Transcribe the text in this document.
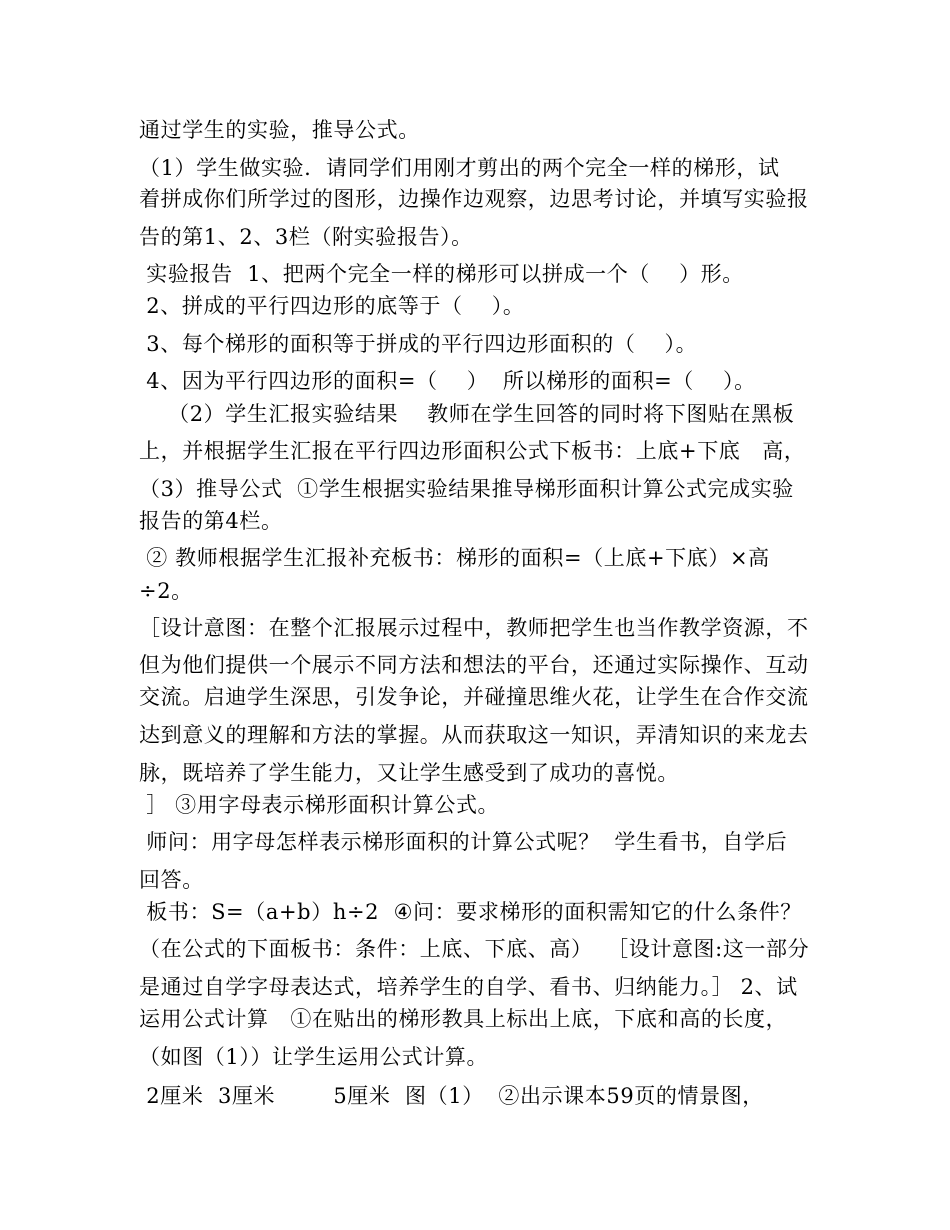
通过学生的实验，推导公式。
（1）学生做实验.  请同学们用刚才剪出的两个完全一样的梯形，试
着拼成你们所学过的图形，边操作边观察，边思考讨论，并填写实验报
告的第1、2、3栏（附实验报告）。
实验报告  1、把两个完全一样的梯形可以拼成一个（    ）形。
2、拼成的平行四边形的底等于（    ）。
3、每个梯形的面积等于拼成的平行四边形面积的（    ）。
4、因为平行四边形的面积=（    ）  所以梯形的面积=（    ）。
（2）学生汇报实验结果    教师在学生回答的同时将下图贴在黑板
上，并根据学生汇报在平行四边形面积公式下板书：上底+下底   高，
（3）推导公式  ①学生根据实验结果推导梯形面积计算公式完成实验
报告的第4栏。
② 教师根据学生汇报补充板书：梯形的面积=（上底+下底）×高
÷2。
［设计意图：在整个汇报展示过程中，教师把学生也当作教学资源，不
但为他们提供一个展示不同方法和想法的平台，还通过实际操作、互动
交流。启迪学生深思，引发争论，并碰撞思维火花，让学生在合作交流
达到意义的理解和方法的掌握。从而获取这一知识，弄清知识的来龙去
脉，既培养了学生能力，又让学生感受到了成功的喜悦。
］ ③用字母表示梯形面积计算公式。
师问：用字母怎样表示梯形面积的计算公式呢？  学生看书，自学后
回答。
板书：S=（a+b）h÷2  ④问：要求梯形的面积需知它的什么条件？
（在公式的下面板书：条件：上底、下底、高）  ［设计意图:这一部分
是通过自学字母表达式，培养学生的自学、看书、归纳能力。］ 2、试
运用公式计算   ①在贴出的梯形教具上标出上底，下底和高的长度，
（如图（1））让学生运用公式计算。
2厘米  3厘米        5厘米  图（1）  ②出示课本59页的情景图，
